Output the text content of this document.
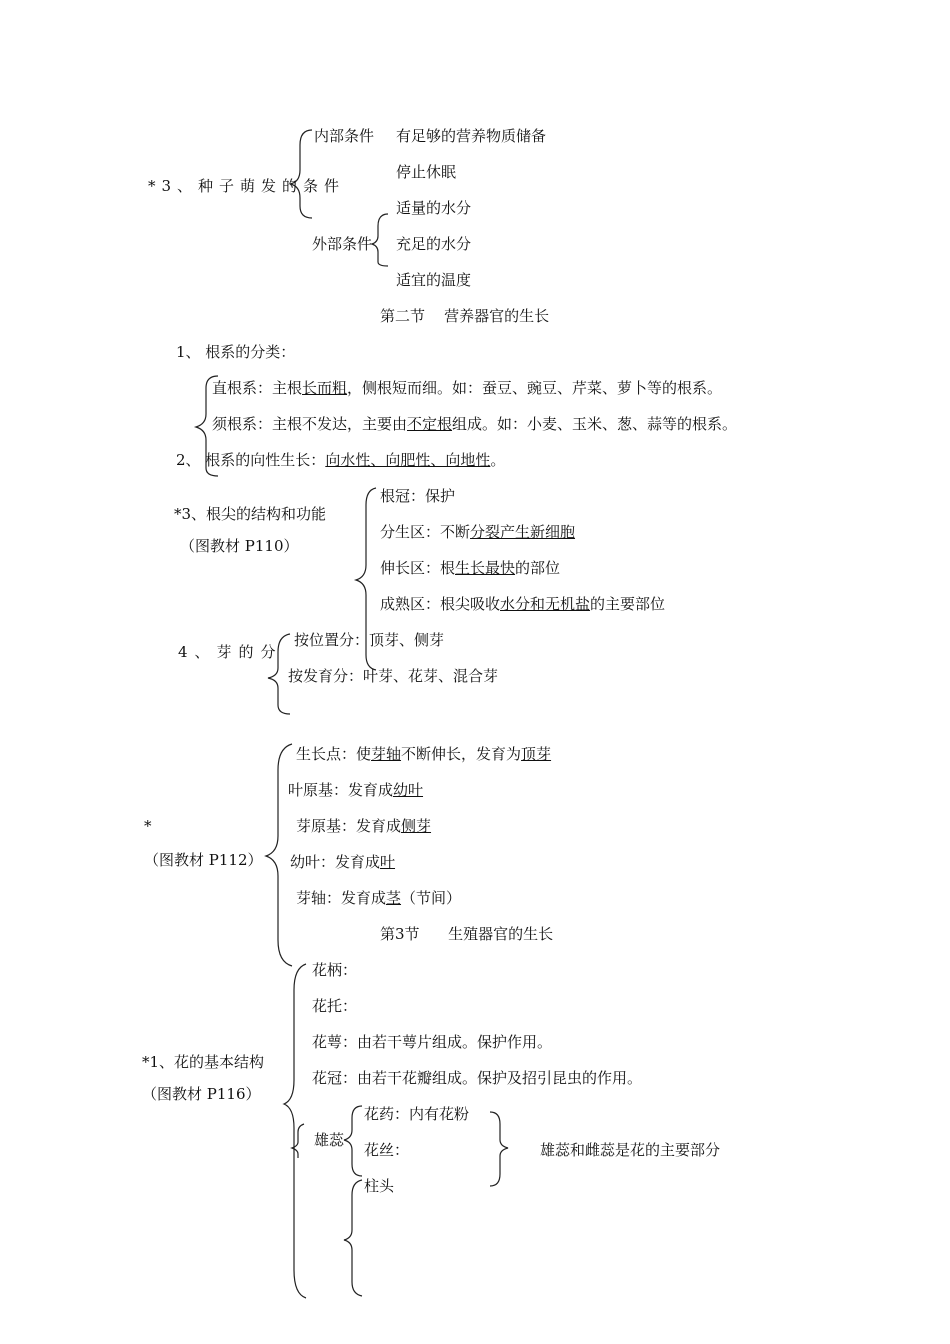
*3、种子萌发的条件
内部条件 有足够的营养物质储备
停止休眠
外部条件
适量的水分
充足的水分
适宜的温度
第二节    营养器官的生长
1、 根系的分类：
直根系：主根长而粗，侧根短而细。如：蚕豆、豌豆、芹菜、萝卜等的根系。
须根系：主根不发达，主要由不定根组成。如：小麦、玉米、葱、蒜等的根系。
2、 根系的向性生长：向水性、向肥性、向地性。
*3、根尖的结构和功能
（图教材 P110）
根冠：保护
分生区：不断分裂产生新细胞
伸长区：根生长最快的部位
成熟区：根尖吸收水分和无机盐的主要部位
4、芽的分
按位置分：顶芽、侧芽
按发育分：叶芽、花芽、混合芽
*
（图教材 P112）
生长点：使芽轴不断伸长，发育为顶芽
叶原基：发育成幼叶
芽原基：发育成侧芽
幼叶：发育成叶
芽轴：发育成茎（节间）
第3节      生殖器官的生长
*1、花的基本结构
（图教材 P116）
花柄：
花托：
花萼：由若干萼片组成。保护作用。
花冠：由若干花瓣组成。保护及招引昆虫的作用。
雄蕊
花药：内有花粉
花丝：
柱头
雄蕊和雌蕊是花的主要部分
